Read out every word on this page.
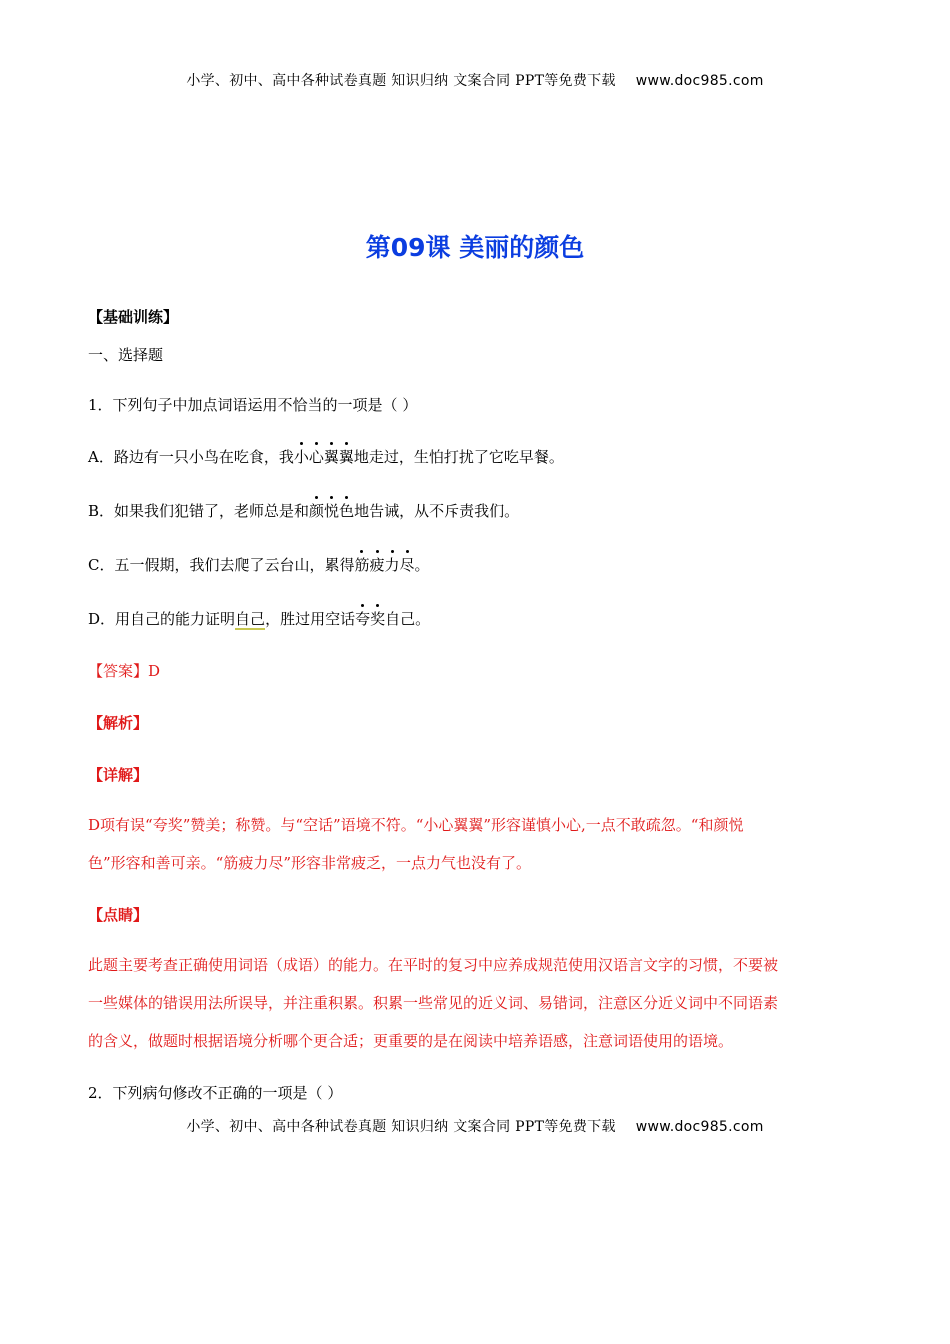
小学、初中、高中各种试卷真题 知识归纳 文案合同 PPT等免费下载 www.doc985.com
第09课 美丽的颜色
【基础训练】
一、选择题
1．下列句子中加点词语运用不恰当的一项是（ ）
A．路边有一只小鸟在吃食，我小心翼翼地走过，生怕打扰了它吃早餐。
B．如果我们犯错了，老师总是和颜悦色地告诫，从不斥责我们。
C．五一假期，我们去爬了云台山，累得筋疲力尽。
D．用自己的能力证明自己，胜过用空话夸奖自己。
【答案】D
【解析】
【详解】
D项有误“夸奖”赞美；称赞。与“空话”语境不符。“小心翼翼”形容谨慎小心,一点不敢疏忽。“和颜悦
色”形容和善可亲。“筋疲力尽”形容非常疲乏，一点力气也没有了。
【点睛】
此题主要考查正确使用词语（成语）的能力。在平时的复习中应养成规范使用汉语言文字的习惯，不要被
一些媒体的错误用法所误导，并注重积累。积累一些常见的近义词、易错词，注意区分近义词中不同语素
的含义，做题时根据语境分析哪个更合适；更重要的是在阅读中培养语感，注意词语使用的语境。
2．下列病句修改不正确的一项是（ ）
小学、初中、高中各种试卷真题 知识归纳 文案合同 PPT等免费下载 www.doc985.com
